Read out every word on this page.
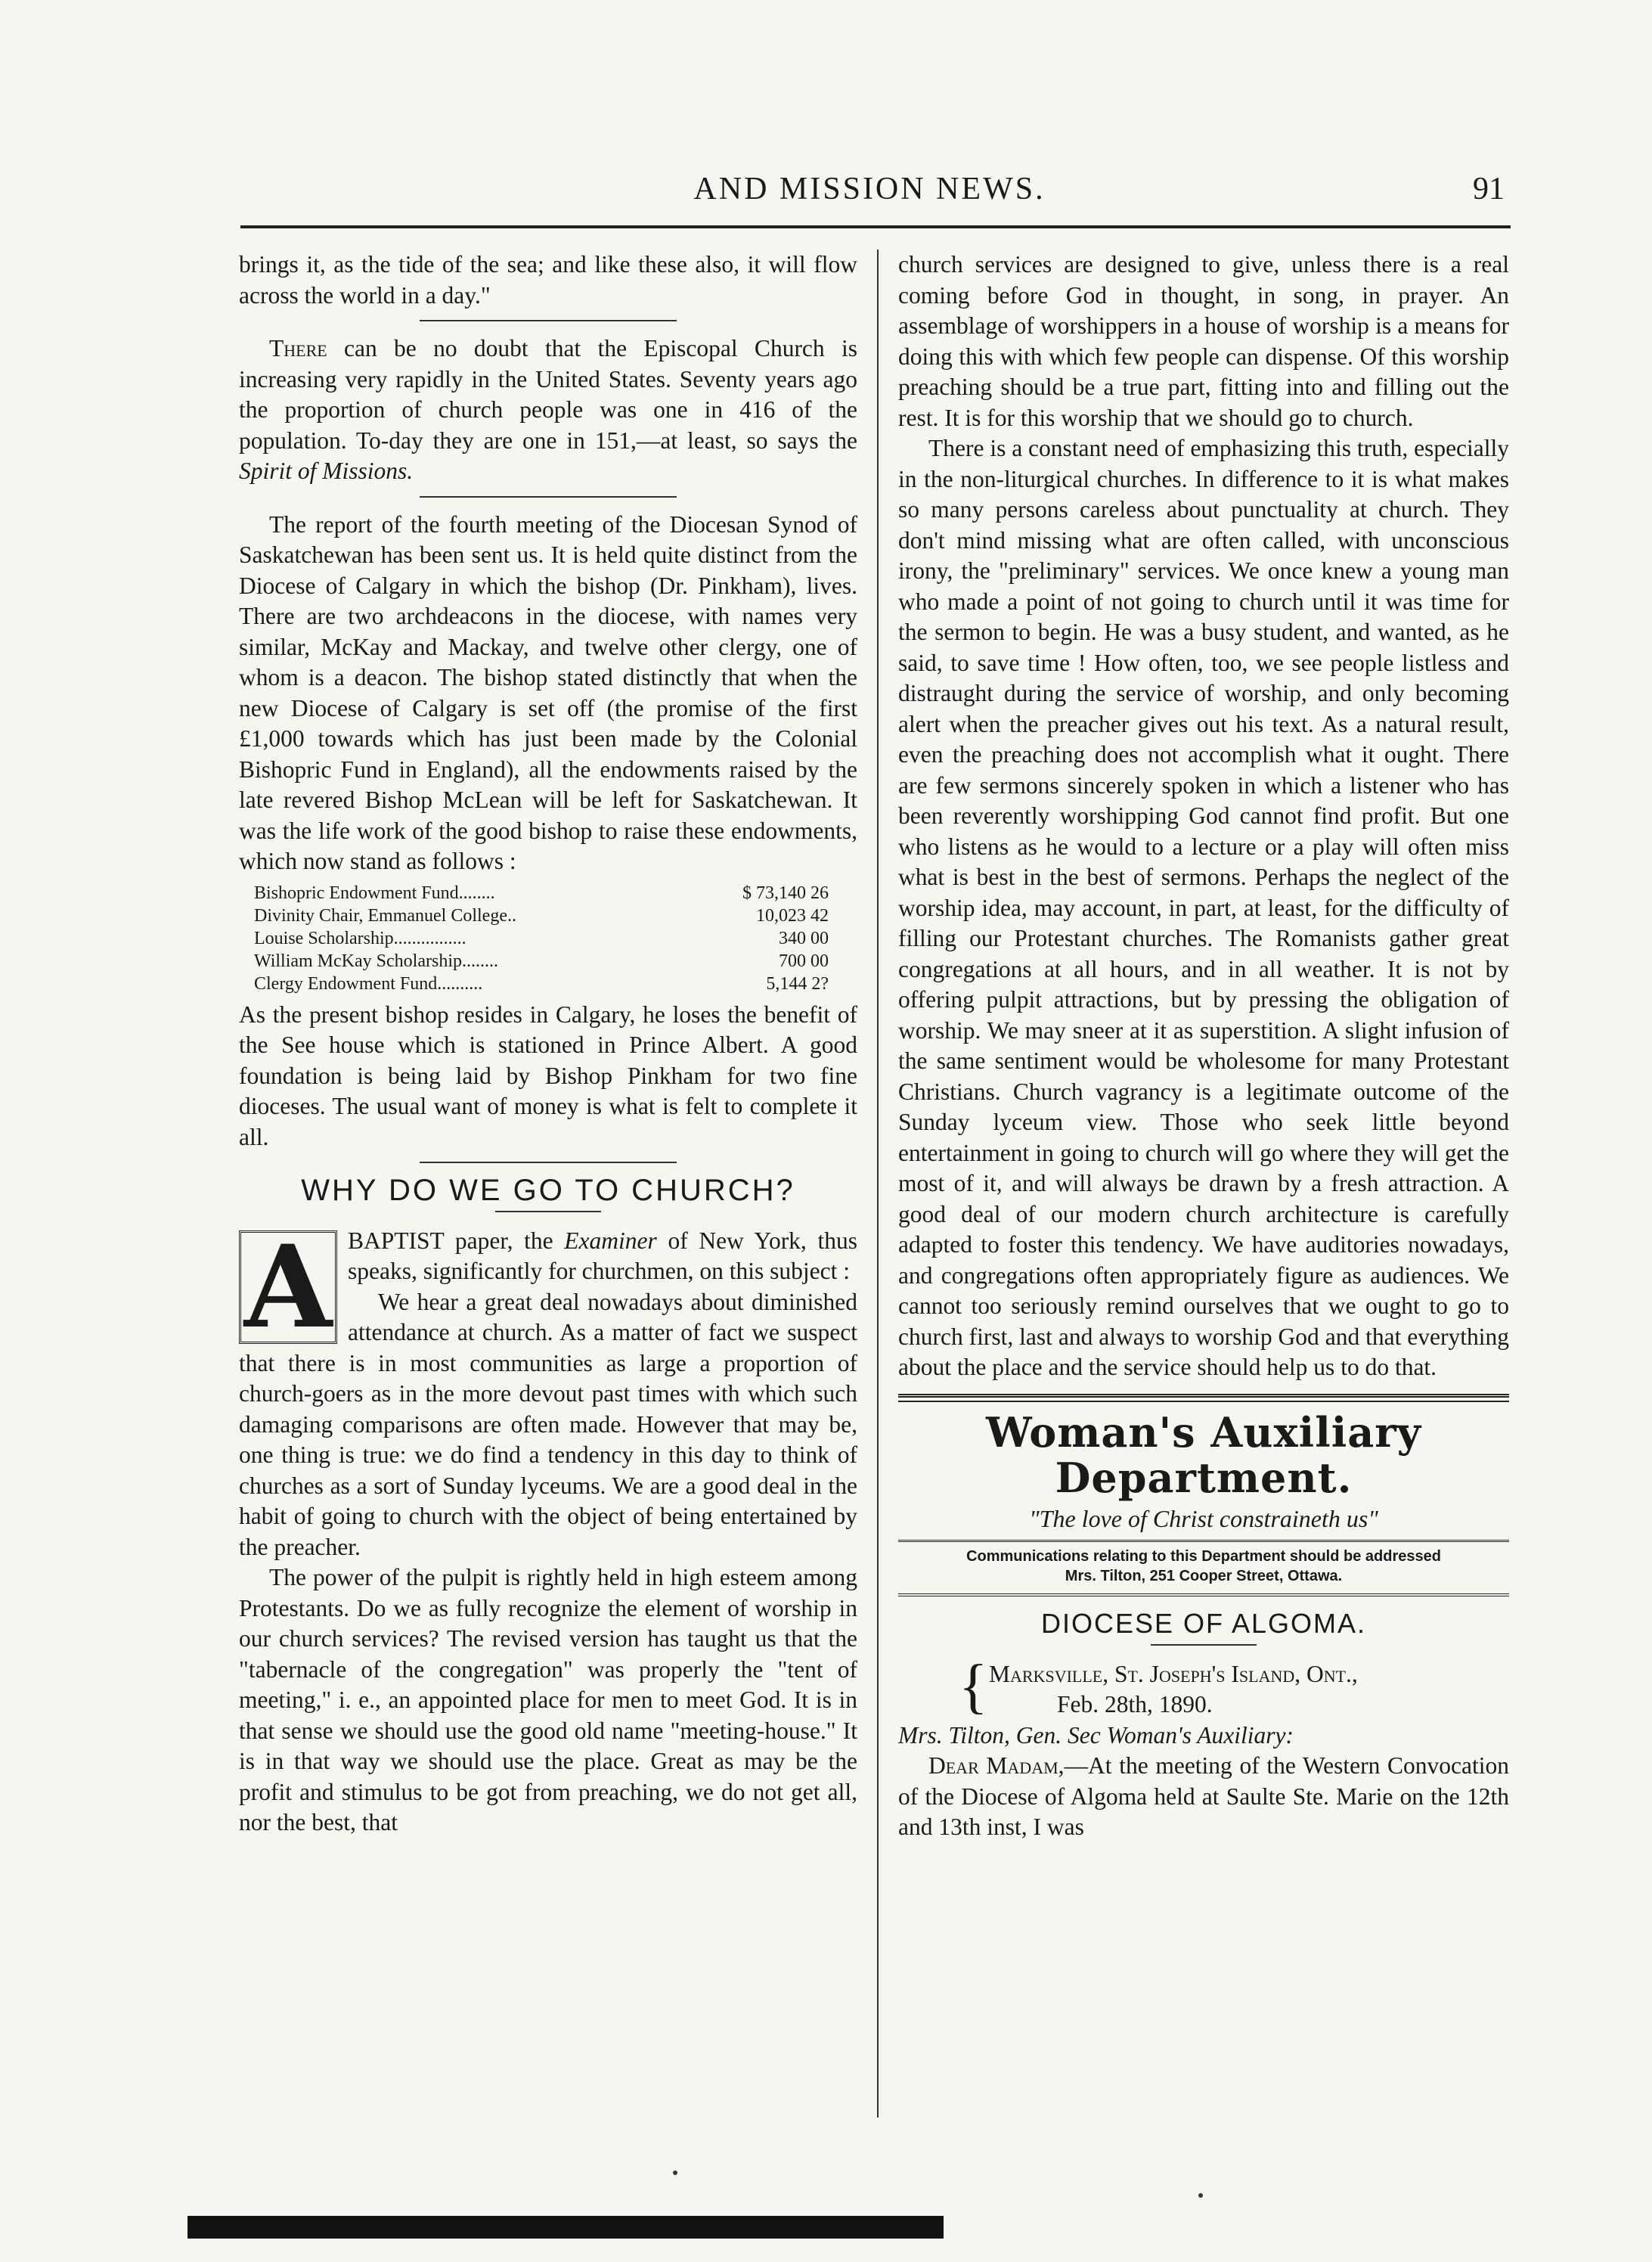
AND MISSION NEWS.	91

brings it, as the tide of the sea; and like these also, it will flow across the world in a day."

There can be no doubt that the Episcopal Church is increasing very rapidly in the United States. Seventy years ago the proportion of church people was one in 416 of the population. To-day they are one in 151,—at least, so says the Spirit of Missions.

The report of the fourth meeting of the Diocesan Synod of Saskatchewan has been sent us. It is held quite distinct from the Diocese of Calgary in which the bishop (Dr. Pinkham), lives. There are two archdeacons in the diocese, with names very similar, McKay and Mackay, and twelve other clergy, one of whom is a deacon. The bishop stated distinctly that when the new Diocese of Calgary is set off (the promise of the first £1,000 towards which has just been made by the Colonial Bishopric Fund in England), all the endowments raised by the late revered Bishop McLean will be left for Saskatchewan. It was the life work of the good bishop to raise these endowments, which now stand as follows :

Bishopric Endowment Fund........	$ 73,140 26
Divinity Chair, Emmanuel College..	10,023 42
Louise Scholarship................	340 00
William McKay Scholarship........	700 00
Clergy Endowment Fund..........	5,144 2?

As the present bishop resides in Calgary, he loses the benefit of the See house which is stationed in Prince Albert. A good foundation is being laid by Bishop Pinkham for two fine dioceses. The usual want of money is what is felt to complete it all.

WHY DO WE GO TO CHURCH?
A BAPTIST paper, the Examiner of New York, thus speaks, significantly for churchmen, on this subject :

We hear a great deal nowadays about diminished attendance at church. As a matter of fact we suspect that there is in most communities as large a proportion of church-goers as in the more devout past times with which such damaging comparisons are often made. However that may be, one thing is true: we do find a tendency in this day to think of churches as a sort of Sunday lyceums. We are a good deal in the habit of going to church with the object of being entertained by the preacher.

The power of the pulpit is rightly held in high esteem among Protestants. Do we as fully recognize the element of worship in our church services? The revised version has taught us that the "tabernacle of the congregation" was properly the "tent of meeting," i. e., an appointed place for men to meet God. It is in that sense we should use the good old name "meeting-house." It is in that way we should use the place. Great as may be the profit and stimulus to be got from preaching, we do not get all, nor the best, that

church services are designed to give, unless there is a real coming before God in thought, in song, in prayer. An assemblage of worshippers in a house of worship is a means for doing this with which few people can dispense. Of this worship preaching should be a true part, fitting into and filling out the rest. It is for this worship that we should go to church.

There is a constant need of emphasizing this truth, especially in the non-liturgical churches. In difference to it is what makes so many persons careless about punctuality at church. They don't mind missing what are often called, with unconscious irony, the "preliminary" services. We once knew a young man who made a point of not going to church until it was time for the sermon to begin. He was a busy student, and wanted, as he said, to save time ! How often, too, we see people listless and distraught during the service of worship, and only becoming alert when the preacher gives out his text. As a natural result, even the preaching does not accomplish what it ought. There are few sermons sincerely spoken in which a listener who has been reverently worshipping God cannot find profit. But one who listens as he would to a lecture or a play will often miss what is best in the best of sermons. Perhaps the neglect of the worship idea, may account, in part, at least, for the difficulty of filling our Protestant churches. The Romanists gather great congregations at all hours, and in all weather. It is not by offering pulpit attractions, but by pressing the obligation of worship. We may sneer at it as superstition. A slight infusion of the same sentiment would be wholesome for many Protestant Christians. Church vagrancy is a legitimate outcome of the Sunday lyceum view. Those who seek little beyond entertainment in going to church will go where they will get the most of it, and will always be drawn by a fresh attraction. A good deal of our modern church architecture is carefully adapted to foster this tendency. We have auditories nowadays, and congregations often appropriately figure as audiences. We cannot too seriously remind ourselves that we ought to go to church first, last and always to worship God and that everything about the place and the service should help us to do that.

Woman's Auxiliary Department.
"The love of Christ constraineth us"
Communications relating to this Department should be addressed
Mrs. Tilton, 251 Cooper Street, Ottawa.
DIOCESE OF ALGOMA.

{ Marksville, St. Joseph's Island, Ont.,
Feb. 28th, 1890.

Mrs. Tilton, Gen. Sec Woman's Auxiliary:

Dear Madam,—At the meeting of the Western Convocation of the Diocese of Algoma held at Saulte Ste. Marie on the 12th and 13th inst, I was
